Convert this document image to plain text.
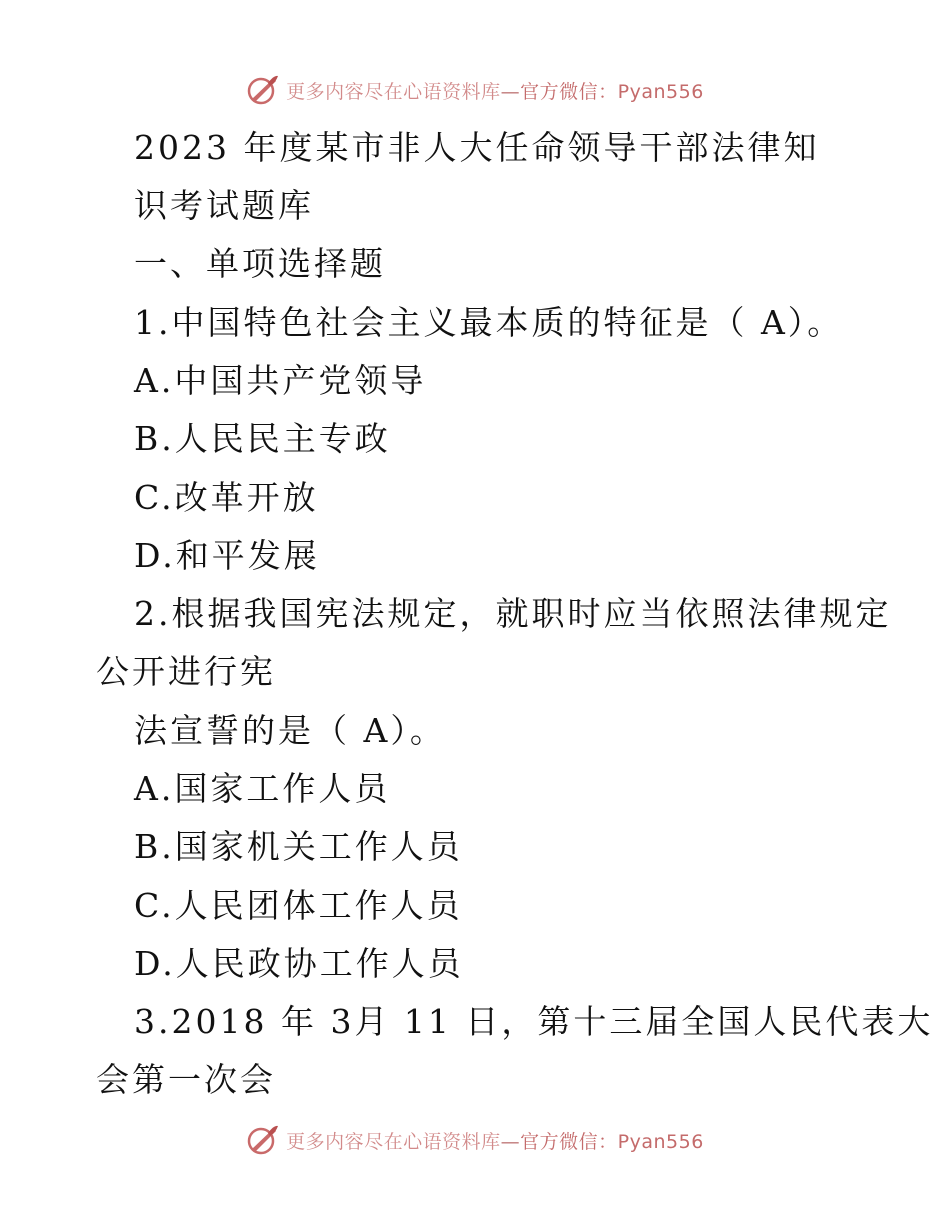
更多内容尽在心语资料库—官方微信：Pyan556
2023 年度某市非人大任命领导干部法律知
识考试题库
一、单项选择题
1.中国特色社会主义最本质的特征是（ A）。
A.中国共产党领导
B.人民民主专政
C.改革开放
D.和平发展
2.根据我国宪法规定，就职时应当依照法律规定
公开进行宪
法宣誓的是（ A）。
A.国家工作人员
B.国家机关工作人员
C.人民团体工作人员
D.人民政协工作人员
3.2018 年 3月 11 日，第十三届全国人民代表大
会第一次会
更多内容尽在心语资料库—官方微信：Pyan556
